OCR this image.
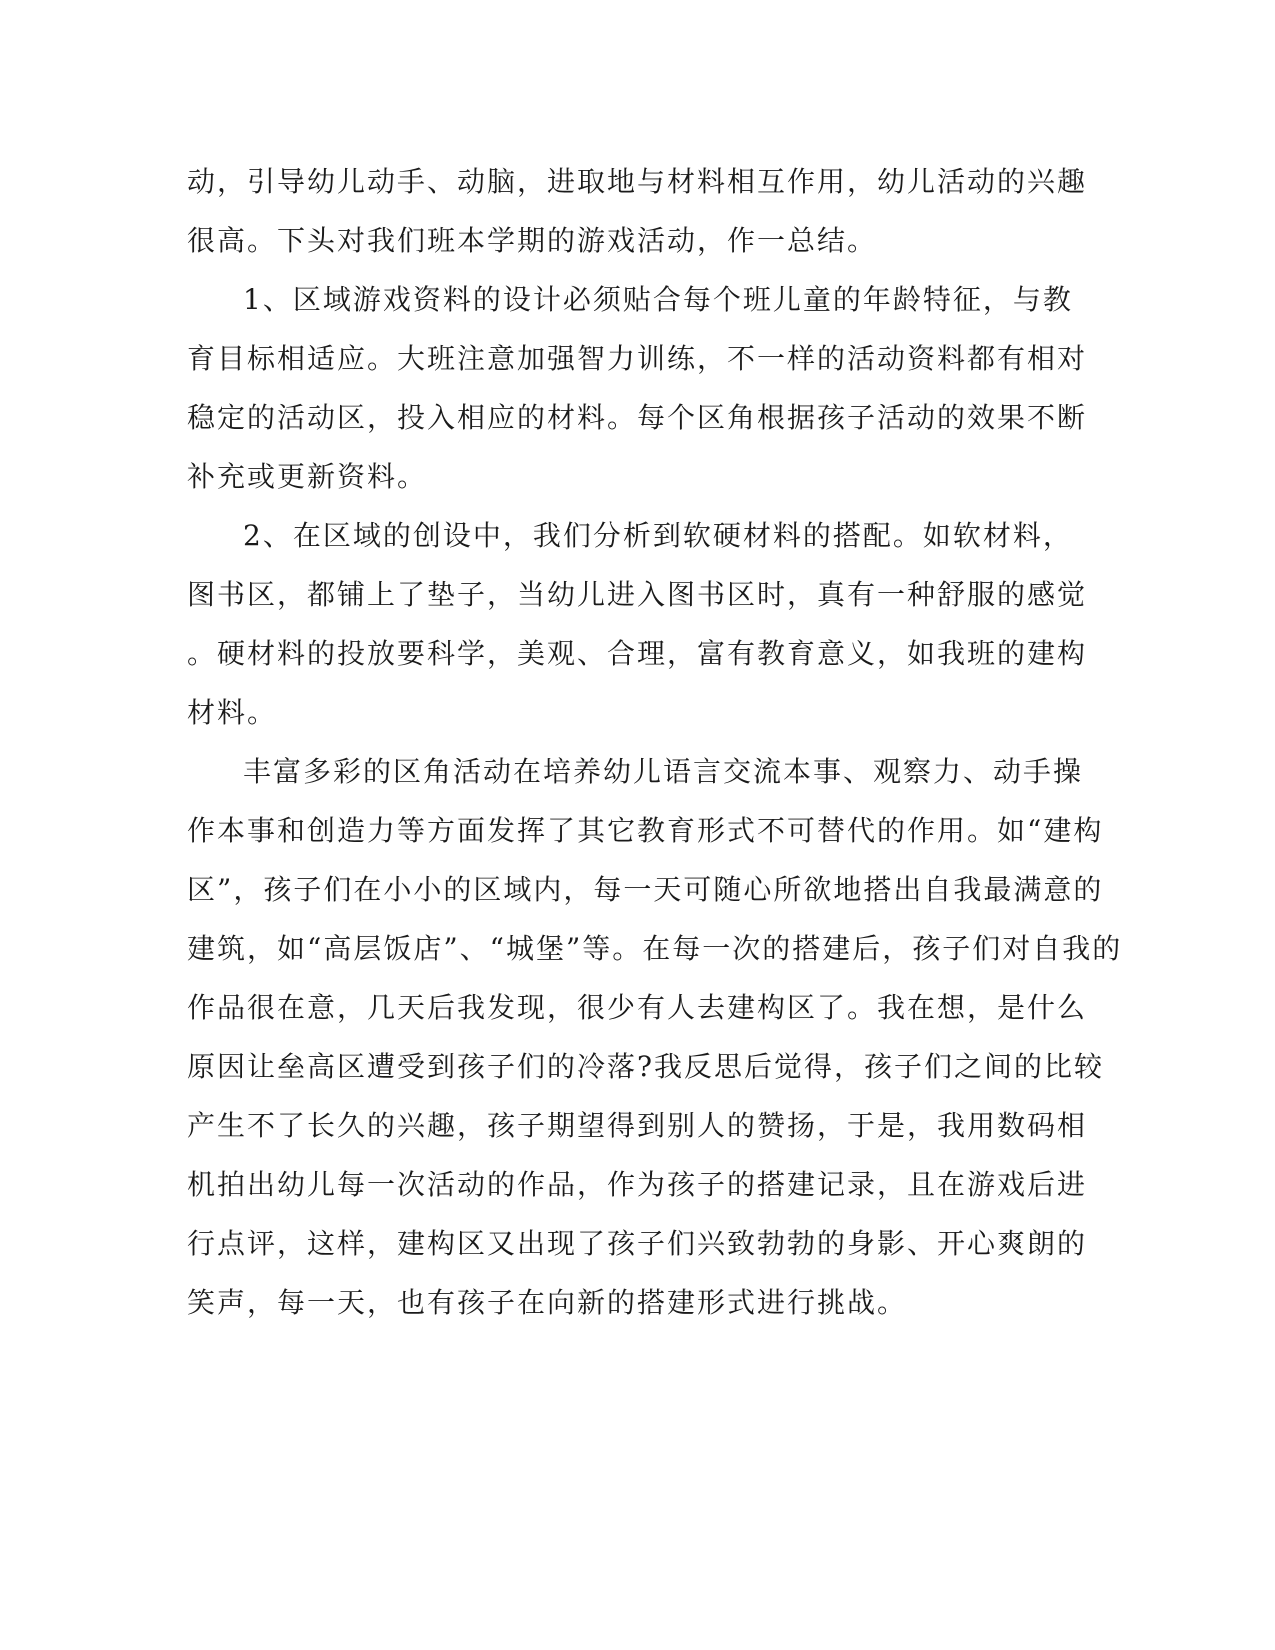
动，引导幼儿动手、动脑，进取地与材料相互作用，幼儿活动的兴趣
很高。下头对我们班本学期的游戏活动，作一总结。
1、区域游戏资料的设计必须贴合每个班儿童的年龄特征，与教
育目标相适应。大班注意加强智力训练，不一样的活动资料都有相对
稳定的活动区，投入相应的材料。每个区角根据孩子活动的效果不断
补充或更新资料。
2、在区域的创设中，我们分析到软硬材料的搭配。如软材料，
图书区，都铺上了垫子，当幼儿进入图书区时，真有一种舒服的感觉
。硬材料的投放要科学，美观、合理，富有教育意义，如我班的建构
材料。
丰富多彩的区角活动在培养幼儿语言交流本事、观察力、动手操
作本事和创造力等方面发挥了其它教育形式不可替代的作用。如“建构
区”，孩子们在小小的区域内，每一天可随心所欲地搭出自我最满意的
建筑，如“高层饭店”、“城堡”等。在每一次的搭建后，孩子们对自我的
作品很在意，几天后我发现，很少有人去建构区了。我在想，是什么
原因让垒高区遭受到孩子们的冷落?我反思后觉得，孩子们之间的比较
产生不了长久的兴趣，孩子期望得到别人的赞扬，于是，我用数码相
机拍出幼儿每一次活动的作品，作为孩子的搭建记录，且在游戏后进
行点评，这样，建构区又出现了孩子们兴致勃勃的身影、开心爽朗的
笑声，每一天，也有孩子在向新的搭建形式进行挑战。
